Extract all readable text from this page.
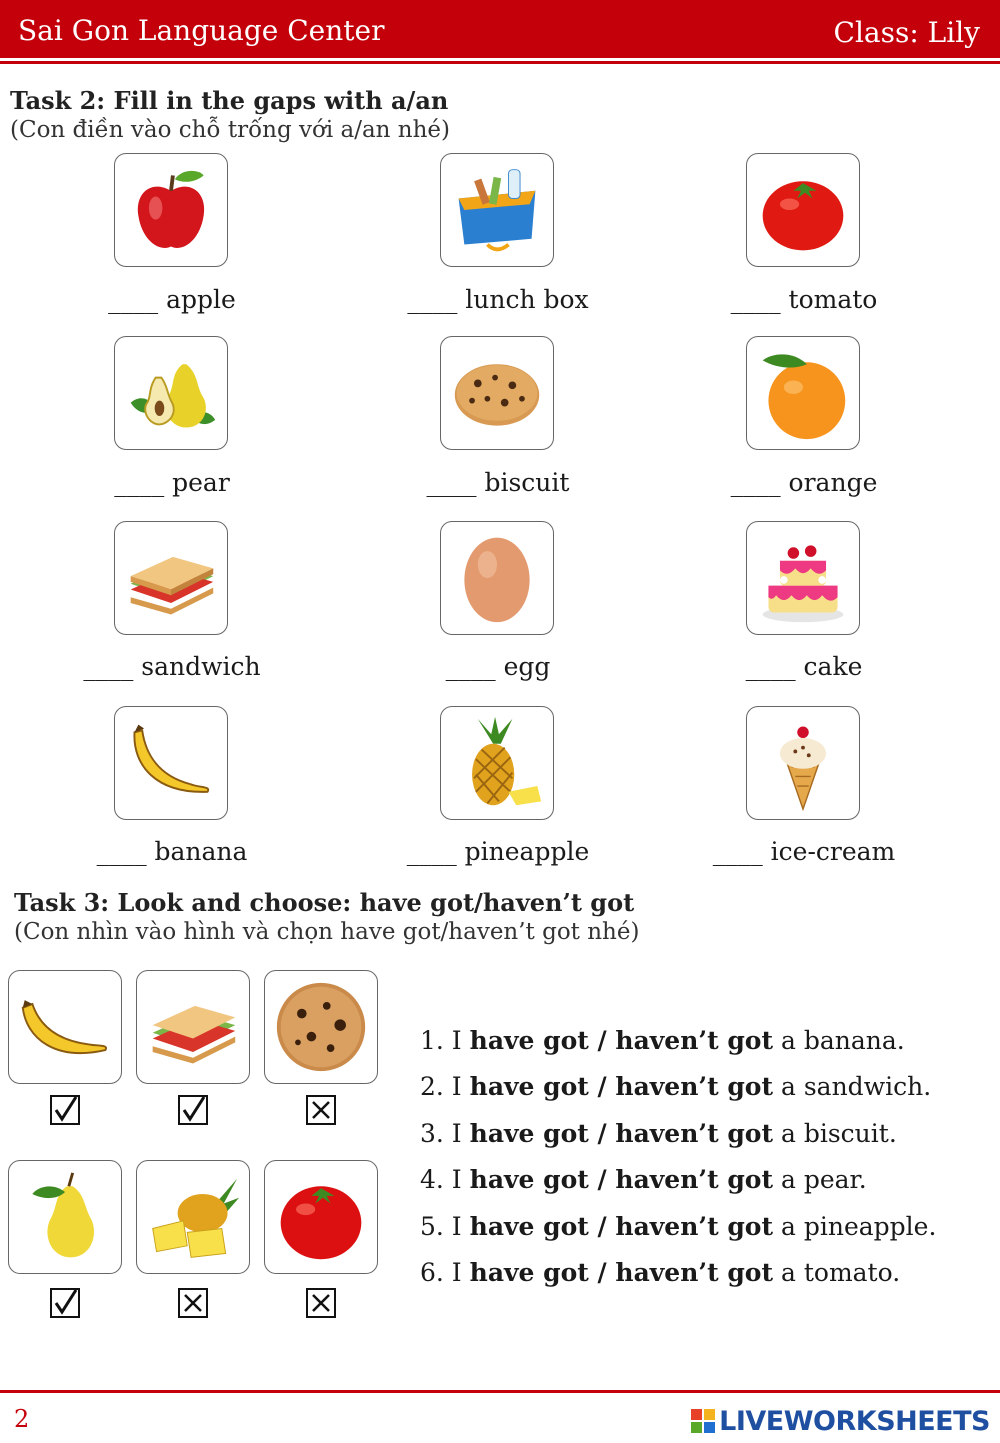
Sai Gon Language Center	Class: Lily
Task 2: Fill in the gaps with a/an
(Con điền vào chỗ trống với a/an nhé)
____ apple	____ lunch box	____ tomato
____ pear	____ biscuit	____ orange
____ sandwich	____ egg	____ cake
____ banana	____ pineapple	____ ice-cream
Task 3: Look and choose: have got/haven’t got
(Con nhìn vào hình và chọn have got/haven’t got nhé)
1. I have got / haven’t got a banana.
2. I have got / haven’t got a sandwich.
3. I have got / haven’t got a biscuit.
4. I have got / haven’t got a pear.
5. I have got / haven’t got a pineapple.
6. I have got / haven’t got a tomato.
2	LIVEWORKSHEETS
